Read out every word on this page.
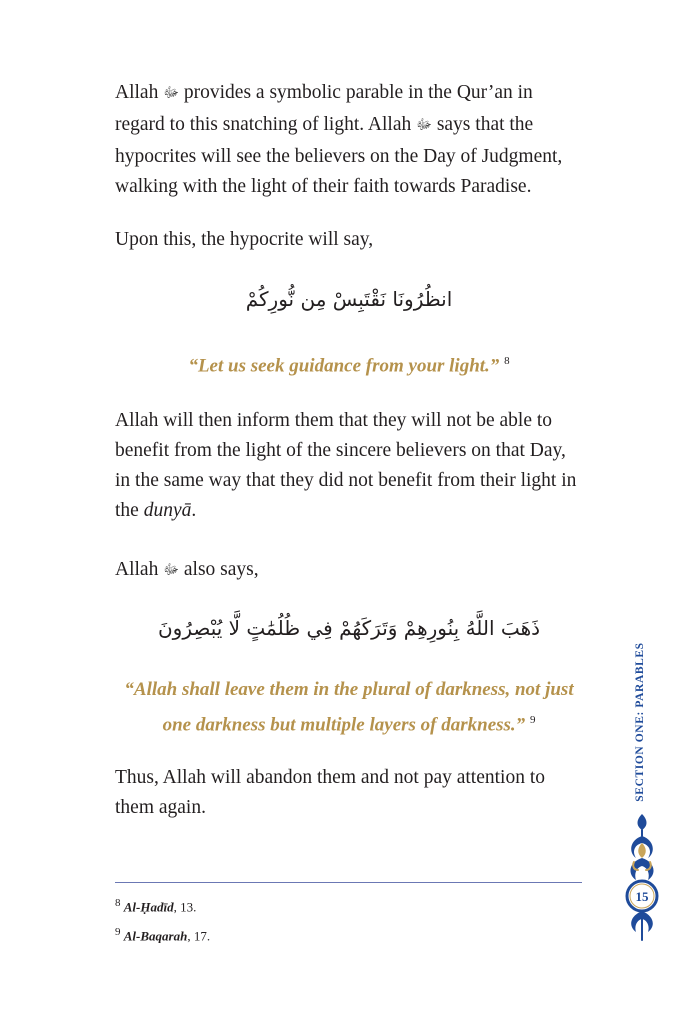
Allah ﷻ provides a symbolic parable in the Qur’an in regard to this snatching of light. Allah ﷻ says that the hypocrites will see the believers on the Day of Judgment, walking with the light of their faith towards Paradise.

Upon this, the hypocrite will say,

انظُرُونَا نَقْتَبِسْ مِن نُّورِكُمْ

“Let us seek guidance from your light.” $^8$

Allah will then inform them that they will not be able to benefit from the light of the sincere believers on that Day, in the same way that they did not benefit from their light in the dunyā.

Allah ﷻ also says,

ذَهَبَ اللَّهُ بِنُورِهِمْ وَتَرَكَهُمْ فِي ظُلُمَٰتٍ لَّا يُبْصِرُونَ

“Allah shall leave them in the plural of darkness, not just
one darkness but multiple layers of darkness.” $^9$

Thus, Allah will abandon them and not pay attention to them again.

$^8$ Al-Ḥadīd, 13.
$^9$ Al-Baqarah, 17.
SECTION ONE: PARABLES
15
